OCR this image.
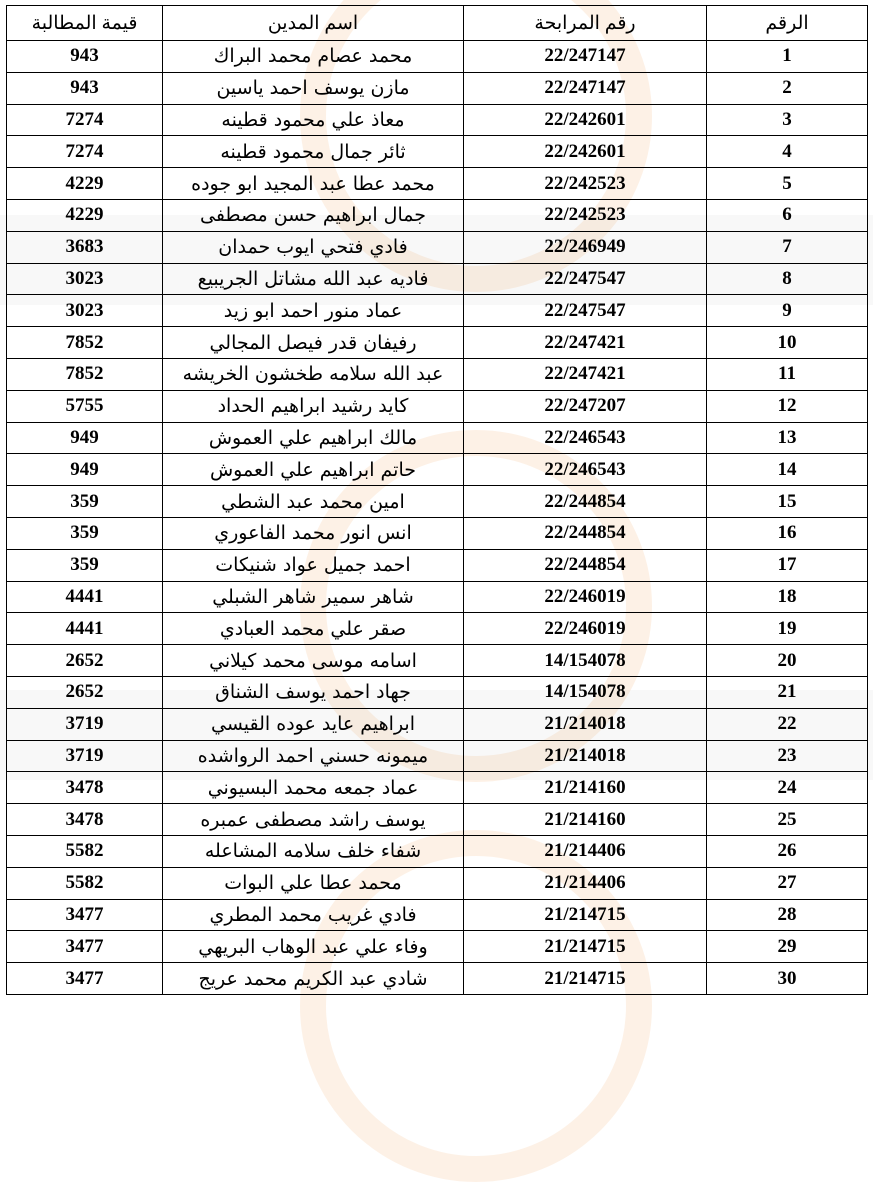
الرقم	رقم المرابحة	اسم المدين	قيمة المطالبة
1	22/247147	محمد عصام محمد البراك	943
2	22/247147	مازن يوسف احمد ياسين	943
3	22/242601	معاذ علي محمود قطينه	7274
4	22/242601	ثائر جمال محمود قطينه	7274
5	22/242523	محمد عطا عبد المجيد ابو جوده	4229
6	22/242523	جمال ابراهيم حسن مصطفى	4229
7	22/246949	فادي فتحي ايوب حمدان	3683
8	22/247547	فاديه عبد الله مشاتل الجريبيع	3023
9	22/247547	عماد منور احمد ابو زيد	3023
10	22/247421	رفيفان قدر فيصل المجالي	7852
11	22/247421	عبد الله سلامه طخشون الخريشه	7852
12	22/247207	كايد رشيد ابراهيم الحداد	5755
13	22/246543	مالك ابراهيم علي العموش	949
14	22/246543	حاتم ابراهيم علي العموش	949
15	22/244854	امين محمد عبد الشطي	359
16	22/244854	انس انور محمد الفاعوري	359
17	22/244854	احمد جميل عواد شنيكات	359
18	22/246019	شاهر سمير شاهر الشبلي	4441
19	22/246019	صقر علي محمد العبادي	4441
20	14/154078	اسامه موسى محمد كيلاني	2652
21	14/154078	جهاد احمد يوسف الشناق	2652
22	21/214018	ابراهيم عايد عوده القيسي	3719
23	21/214018	ميمونه حسني احمد الرواشده	3719
24	21/214160	عماد جمعه محمد البسيوني	3478
25	21/214160	يوسف راشد مصطفى عمبره	3478
26	21/214406	شفاء خلف سلامه المشاعله	5582
27	21/214406	محمد عطا علي البوات	5582
28	21/214715	فادي غريب محمد المطري	3477
29	21/214715	وفاء علي عبد الوهاب البريهي	3477
30	21/214715	شادي عبد الكريم محمد عريج	3477
